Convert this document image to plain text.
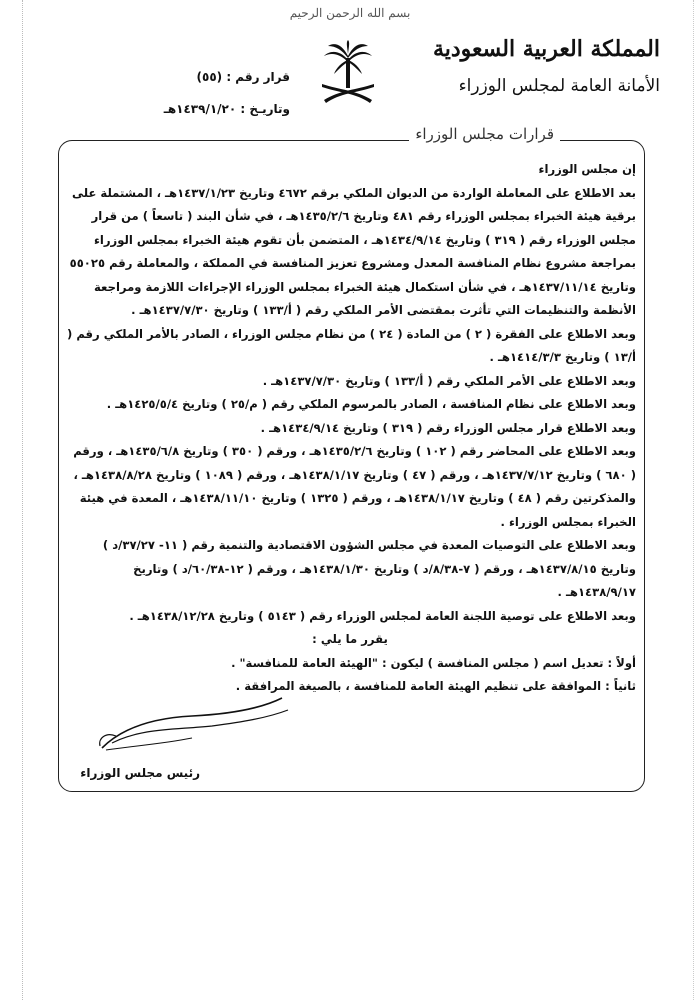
بسم الله الرحمن الرحيم
المملكة العربية السعودية
الأمانة العامة لمجلس الوزراء
قرار رقم : (٥٥)
وتاريـخ : ١٤٣٩/١/٢٠هـ
قرارات مجلس الوزراء

إن مجلس الوزراء

بعد الاطلاع على المعاملة الواردة من الديوان الملكي برقم ٤٦٧٢ وتاريخ ١٤٣٧/١/٢٣هـ ، المشتملة على برقية هيئة الخبراء بمجلس الوزراء رقم ٤٨١ وتاريخ ١٤٣٥/٢/٦هـ ، في شأن البند ( تاسعاً ) من قرار مجلس الوزراء رقم ( ٣١٩ ) وتاريخ ١٤٣٤/٩/١٤هـ ، المتضمن بأن تقوم هيئة الخبراء بمجلس الوزراء بمراجعة مشروع نظام المنافسة المعدل ومشروع تعزيز المنافسة في المملكة ، والمعاملة رقم ٥٥٠٢٥ وتاريخ ١٤٣٧/١١/١٤هـ ، في شأن استكمال هيئة الخبراء بمجلس الوزراء الإجراءات اللازمة ومراجعة الأنظمة والتنظيمات التي تأثرت بمقتضى الأمر الملكي رقم ( أ/١٣٣ ) وتاريخ ١٤٣٧/٧/٣٠هـ .

وبعد الاطلاع على الفقرة ( ٢ ) من المادة ( ٢٤ ) من نظام مجلس الوزراء ، الصادر بالأمر الملكي رقم ( أ/١٣ ) وتاريخ ١٤١٤/٣/٣هـ .

وبعد الاطلاع على الأمر الملكي رقم ( أ/١٣٣ ) وتاريخ ١٤٣٧/٧/٣٠هـ .

وبعد الاطلاع على نظام المنافسة ، الصادر بالمرسوم الملكي رقم ( م/٢٥ ) وتاريخ ١٤٢٥/٥/٤هـ .

وبعد الاطلاع قرار مجلس الوزراء رقم ( ٣١٩ ) وتاريخ ١٤٣٤/٩/١٤هـ .

وبعد الاطلاع على المحاضر رقم ( ١٠٢ ) وتاريخ ١٤٣٥/٢/٦هـ ، ورقم ( ٣٥٠ ) وتاريخ ١٤٣٥/٦/٨هـ ، ورقم ( ٦٨٠ ) وتاريخ ١٤٣٧/٧/١٢هـ ، ورقم ( ٤٧ ) وتاريخ ١٤٣٨/١/١٧هـ ، ورقم ( ١٠٨٩ ) وتاريخ ١٤٣٨/٨/٢٨هـ ، والمذكرتين رقم ( ٤٨ ) وتاريخ ١٤٣٨/١/١٧هـ ، ورقم ( ١٣٢٥ ) وتاريخ ١٤٣٨/١١/١٠هـ ، المعدة في هيئة الخبراء بمجلس الوزراء .

وبعد الاطلاع على التوصيات المعدة في مجلس الشؤون الاقتصادية والتنمية رقم ( ١١- ٣٧/٢٧/د ) وتاريخ ١٤٣٧/٨/١٥هـ ، ورقم ( ٧-٨/٣٨/د ) وتاريخ ١٤٣٨/١/٣٠هـ ، ورقم ( ١٢-٦٠/٣٨/د ) وتاريخ ١٤٣٨/٩/١٧هـ .

وبعد الاطلاع على توصية اللجنة العامة لمجلس الوزراء رقم ( ٥١٤٣ ) وتاريخ ١٤٣٨/١٢/٢٨هـ .

يقرر ما يلي :

أولاً : تعديل اسم ( مجلس المنافسة ) ليكون : "الهيئة العامة للمنافسة" .

ثانياً : الموافقة على تنظيم الهيئة العامة للمنافسة ، بالصيغة المرافقة .

رئيس مجلس الوزراء
